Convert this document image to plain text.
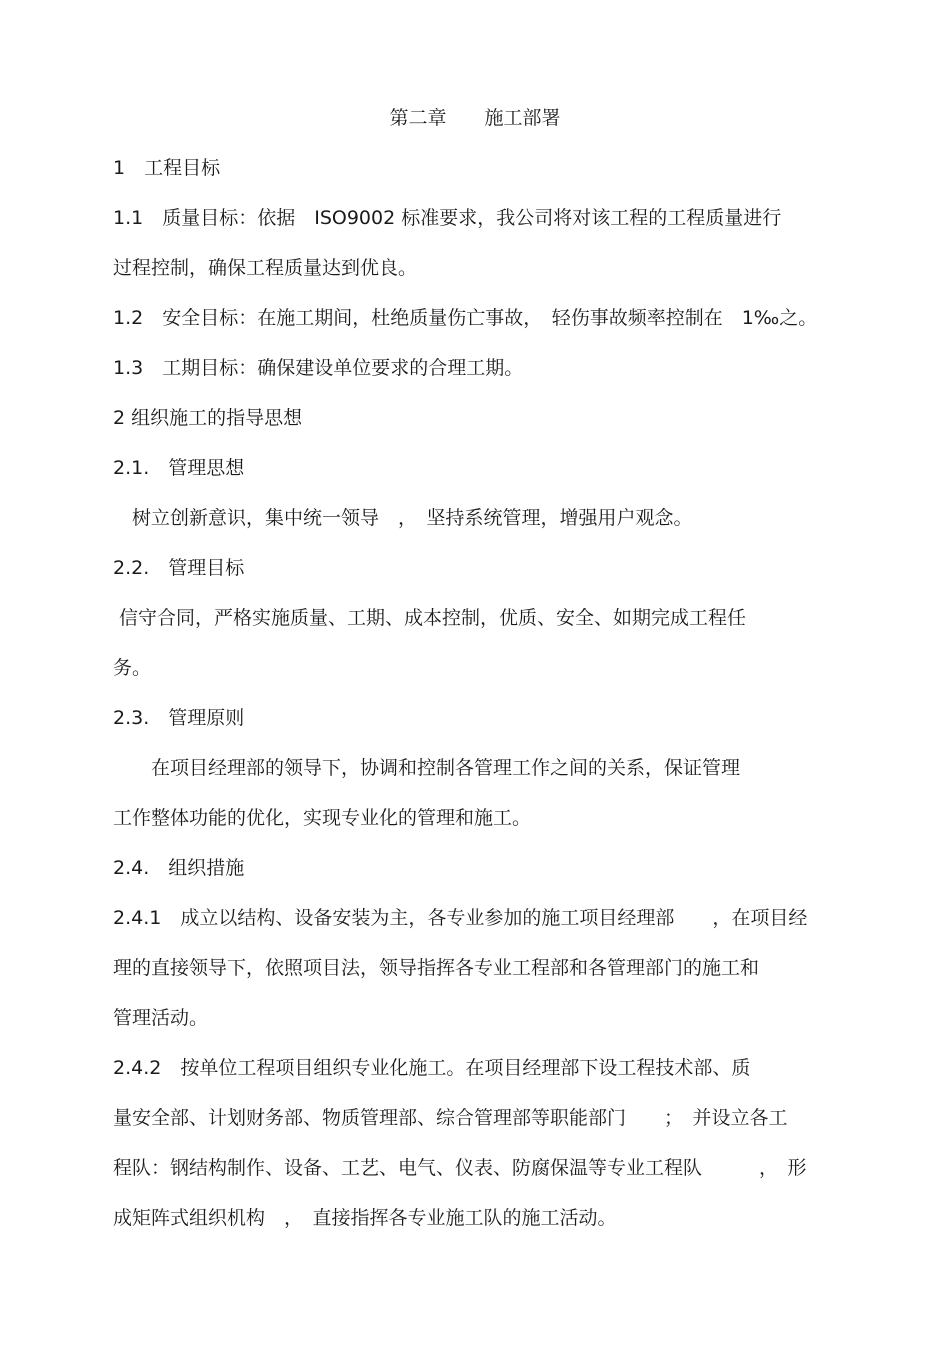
第二章　　施工部署
1　工程目标
1.1　质量目标：依据　ISO9002 标准要求，我公司将对该工程的工程质量进行
过程控制，确保工程质量达到优良。
1.2　安全目标：在施工期间，杜绝质量伤亡事故，　轻伤事故频率控制在　1‰之。
1.3　工期目标：确保建设单位要求的合理工期。
2 组织施工的指导思想
2.1.　管理思想
　树立创新意识，集中统一领导　，　坚持系统管理，增强用户观念。
2.2.　管理目标
信守合同，严格实施质量、工期、成本控制，优质、安全、如期完成工程任
务。
2.3.　管理原则
　　在项目经理部的领导下，协调和控制各管理工作之间的关系，保证管理
工作整体功能的优化，实现专业化的管理和施工。
2.4.　组织措施
2.4.1　成立以结构、设备安装为主，各专业参加的施工项目经理部　　，在项目经
理的直接领导下，依照项目法，领导指挥各专业工程部和各管理部门的施工和
管理活动。
2.4.2　按单位工程项目组织专业化施工。在项目经理部下设工程技术部、质
量安全部、计划财务部、物质管理部、综合管理部等职能部门　　；　并设立各工
程队：钢结构制作、设备、工艺、电气、仪表、防腐保温等专业工程队　　　，　形
成矩阵式组织机构　，　直接指挥各专业施工队的施工活动。
